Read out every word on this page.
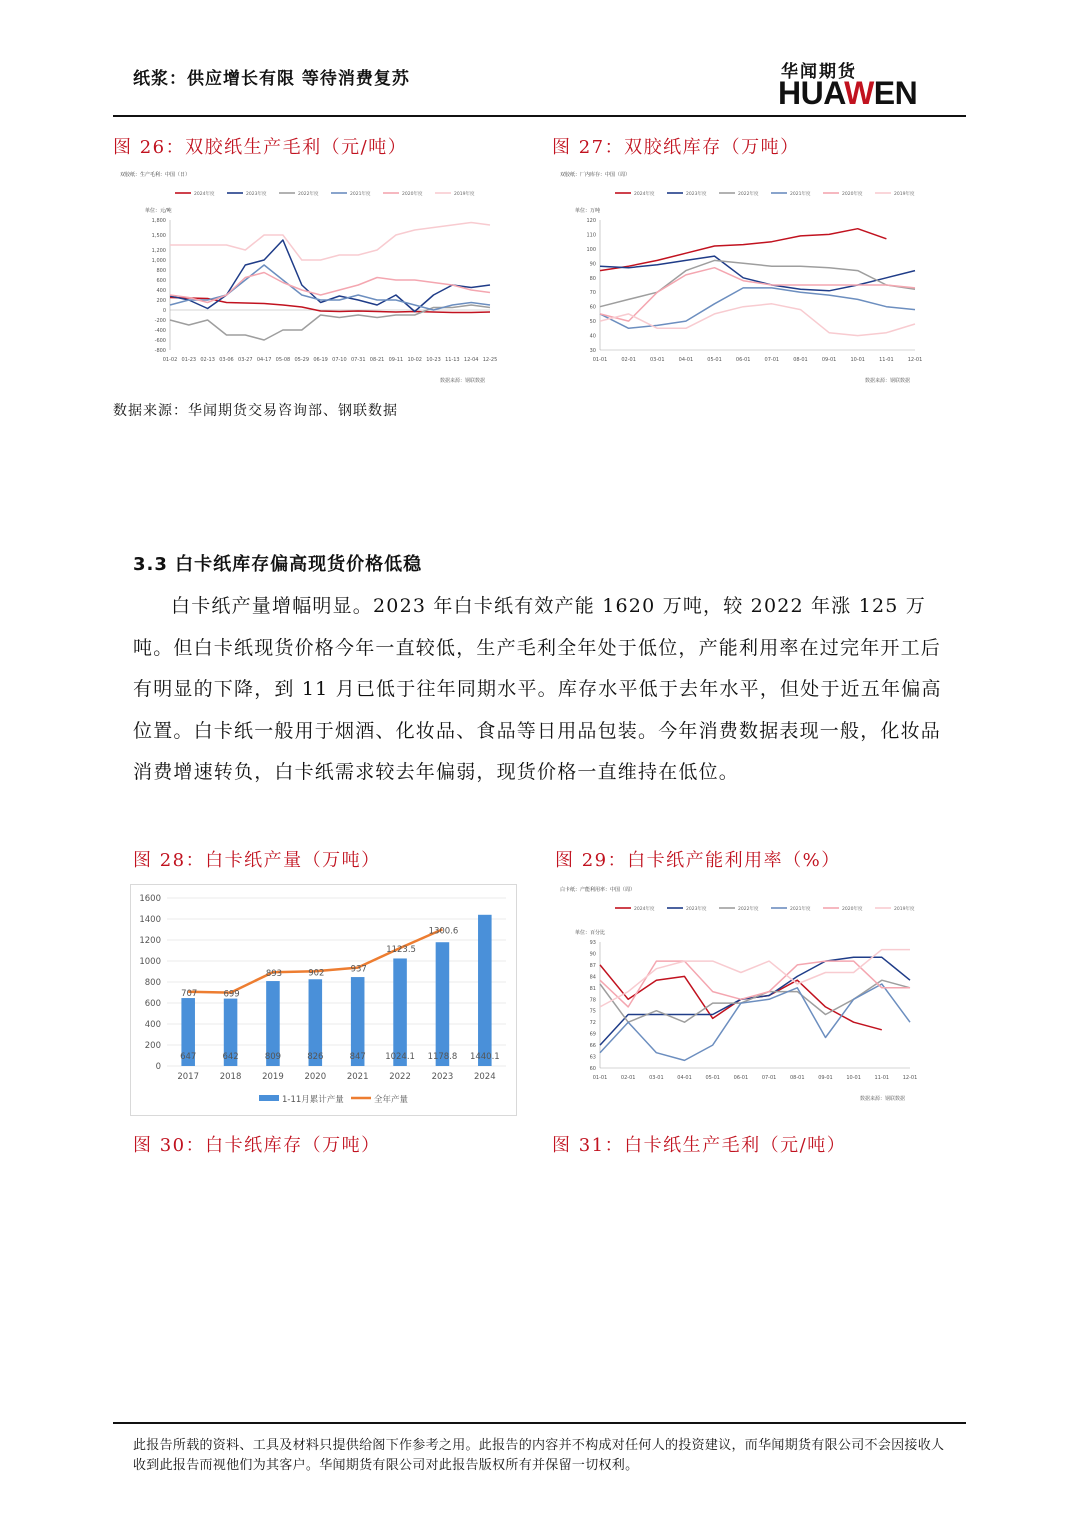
纸浆：供应增长有限 等待消费复苏	华闻期货
HUAWEN
图 26：双胶纸生产毛利（元/吨）	图 27：双胶纸库存（万吨）
双胶纸：生产毛利：中国（日）
单位：元/吨
2024年度	2023年度	2022年度	2021年度	2020年度	2019年度
1,800
1,500
1,200
1,000
800
600
400
200
0
-200
-400
-600
-800
01-02 01-23 02-13 03-06 03-27 04-17 05-08 05-29 06-19 07-10 07-31 08-21 09-11 10-02 10-23 11-13 12-04 12-25
数据来源：钢联数据
双胶纸：厂内库存：中国（周）
单位：万吨
2024年度	2023年度	2022年度	2021年度	2020年度	2019年度
120
110
100
90
80
70
60
50
40
30
01-01	02-01	03-01	04-01	05-01	06-01	07-01	08-01	09-01	10-01	11-01	12-01
数据来源：钢联数据
数据来源：华闻期货交易咨询部、钢联数据
3.3 白卡纸库存偏高现货价格低稳
白卡纸产量增幅明显。2023 年白卡纸有效产能 1620 万吨，较 2022 年涨 125 万吨。但白卡纸现货价格今年一直较低，生产毛利全年处于低位，产能利用率在过完年开工后有明显的下降，到 11 月已低于往年同期水平。库存水平低于去年水平，但处于近五年偏高位置。白卡纸一般用于烟酒、化妆品、食品等日用品包装。今年消费数据表现一般，化妆品消费增速转负，白卡纸需求较去年偏弱，现货价格一直维持在低位。
图 28：白卡纸产量（万吨）	图 29：白卡纸产能利用率（%）
1600
1400
1200
1000
800
600
400
200
0
647
2017
642
2018
809
2019
826
2020
847
2021
1024.1
2022
1178.8
2023
1440.1
2024
707	699
893	902	937
1123.5
1300.6
1-11月累计产量	全年产量
白卡纸：产能利用率：中国（周）
单位：百分比
2024年度	2023年度	2022年度	2021年度	2020年度	2019年度
93
90
87
84
81
78
75
72
69
66
63
60
01-01	02-01	03-01	04-01	05-01	06-01	07-01	08-01	09-01	10-01	11-01	12-01
数据来源：钢联数据
图 30：白卡纸库存（万吨）	图 31：白卡纸生产毛利（元/吨）
此报告所载的资料、工具及材料只提供给阁下作参考之用。此报告的内容并不构成对任何人的投资建议，而华闻期货有限公司不会因接收人收到此报告而视他们为其客户。华闻期货有限公司对此报告版权所有并保留一切权利。
